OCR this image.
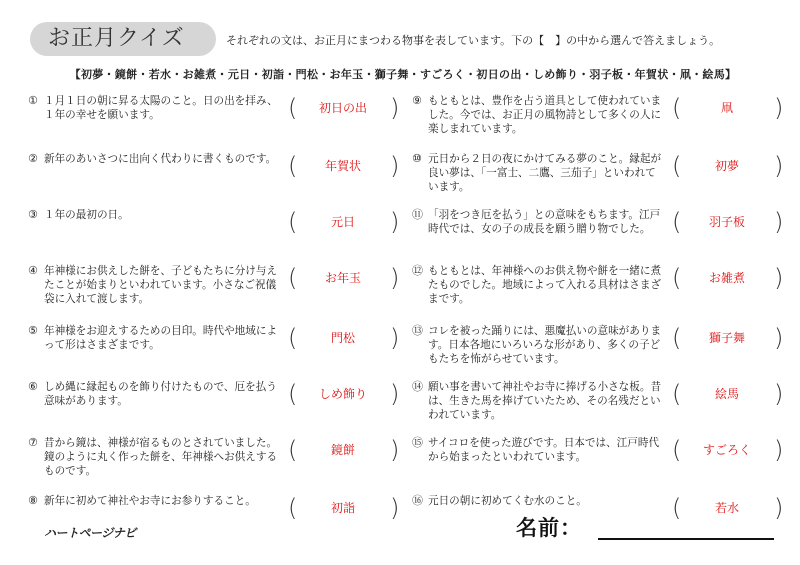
お正月クイズ	それぞれの文は、お正月にまつわる物事を表しています。下の【　】の中から選んで答えましょう。
【初夢・鏡餅・若水・お雑煮・元日・初詣・門松・お年玉・獅子舞・すごろく・初日の出・しめ飾り・羽子板・年賀状・凧・絵馬】
① １月１日の朝に昇る太陽のこと。日の出を拝み、１年の幸せを願います。	(	初日の出 )
② 新年のあいさつに出向く代わりに書くものです。 (	年賀状	)
③ １年の最初の日。	(	元日	)
④ 年神様にお供えした餅を、子どもたちに分け与えたことが始まりといわれています。小さなご祝儀袋に入れて渡します。
(	お年玉	)
⑤ 年神様をお迎えするための目印。時代や地域によって形はさまざまです。	(	門松	)
⑥ しめ縄に縁起ものを飾り付けたもので、厄を払う意味があります。	(	しめ飾り )
⑦ 昔から鏡は、神様が宿るものとされていました。鏡のように丸く作った餅を、年神様へお供えするものです。
(	鏡餅	)
⑧ 新年に初めて神社やお寺にお参りすること。	(	初詣	)
⑨ もともとは、豊作を占う道具として使われていました。今では、お正月の風物詩として多くの人に楽しまれています。
(	凧	)
⑩ 元日から２日の夜にかけてみる夢のこと。縁起が良い夢は、「一富士、二鷹、三茄子」といわれています。
(	初夢	)
⑪ 「羽をつき厄を払う」との意味をもちます。江戸時代では、女の子の成長を願う贈り物でした。 (	羽子板	)
⑫ もともとは、年神様へのお供え物や餅を一緒に煮たものでした。地域によって入れる具材はさまざまです。
(	お雑煮	)
⑬ コレを被った踊りには、悪魔払いの意味があります。日本各地にいろいろな形があり、多くの子どもたちを怖がらせています。
(	獅子舞	)
⑭ 願い事を書いて神社やお寺に捧げる小さな板。昔は、生きた馬を捧げていたため、その名残だといわれています。
(	絵馬	)
⑮ サイコロを使った遊びです。日本では、江戸時代から始まったといわれています。	(	すごろく )
⑯ 元日の朝に初めてくむ水のこと。	(	若水	)
ハートページナビ	名前：
